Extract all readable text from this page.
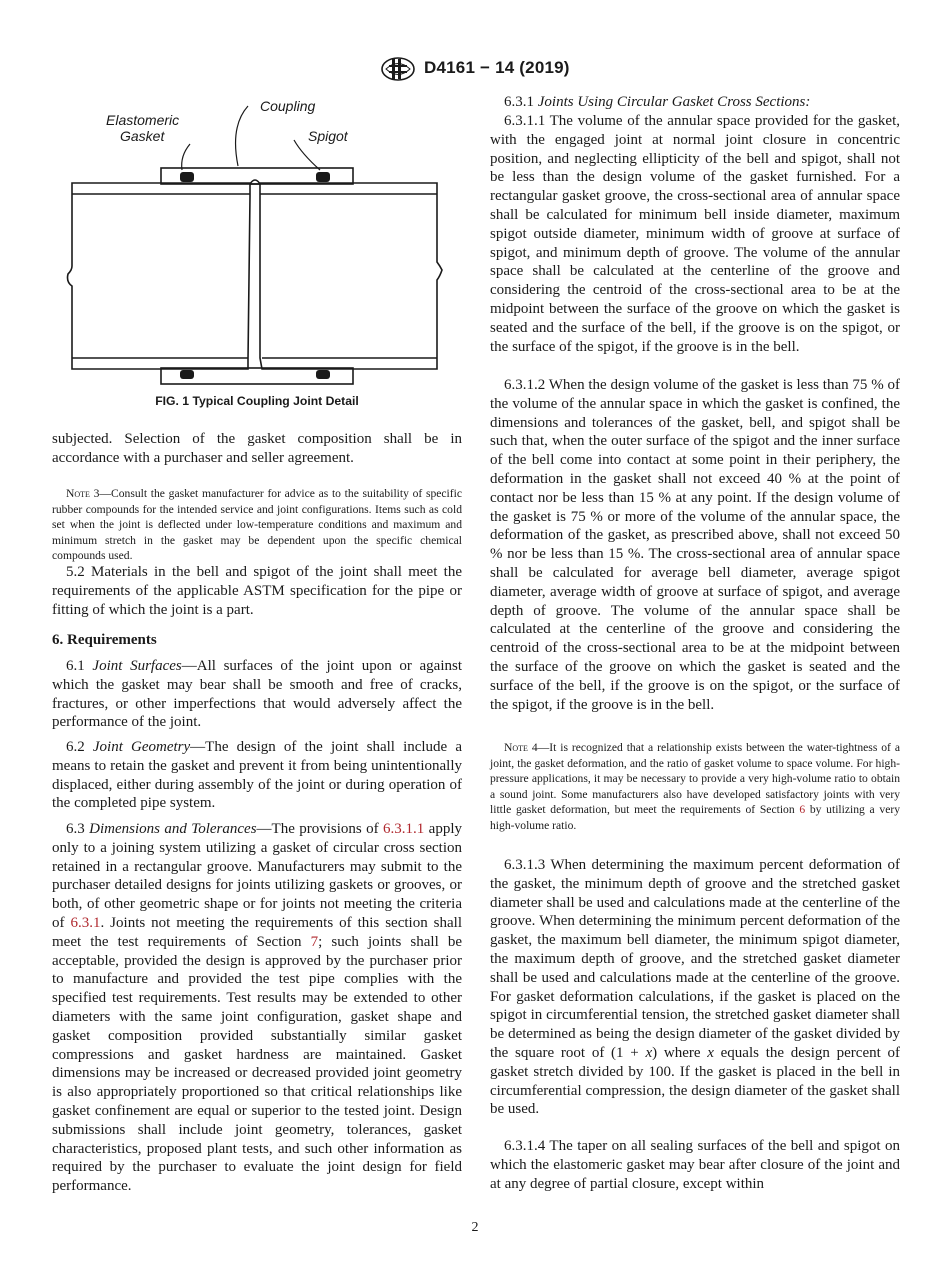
D4161 − 14 (2019)
Elastomeric
Gasket
Coupling
Spigot
FIG. 1 Typical Coupling Joint Detail

subjected. Selection of the gasket composition shall be in accordance with a purchaser and seller agreement.

Note 3—Consult the gasket manufacturer for advice as to the suitability of specific rubber compounds for the intended service and joint configurations. Items such as cold set when the joint is deflected under low-temperature conditions and maximum and minimum stretch in the gasket may be dependent upon the specific chemical compounds used.

5.2 Materials in the bell and spigot of the joint shall meet the requirements of the applicable ASTM specification for the pipe or fitting of which the joint is a part.

6. Requirements

6.1 Joint Surfaces—All surfaces of the joint upon or against which the gasket may bear shall be smooth and free of cracks, fractures, or other imperfections that would adversely affect the performance of the joint.

6.2 Joint Geometry—The design of the joint shall include a means to retain the gasket and prevent it from being unintentionally displaced, either during assembly of the joint or during operation of the completed pipe system.

6.3 Dimensions and Tolerances—The provisions of 6.3.1.1 apply only to a joining system utilizing a gasket of circular cross section retained in a rectangular groove. Manufacturers may submit to the purchaser detailed designs for joints utilizing gaskets or grooves, or both, of other geometric shape or for joints not meeting the criteria of 6.3.1. Joints not meeting the requirements of this section shall meet the test requirements of Section 7; such joints shall be acceptable, provided the design is approved by the purchaser prior to manufacture and provided the test pipe complies with the specified test requirements. Test results may be extended to other diameters with the same joint configuration, gasket shape and gasket composition provided substantially similar gasket compressions and gasket hardness are maintained. Gasket dimensions may be increased or decreased provided joint geometry is also appropriately proportioned so that critical relationships like gasket confinement are equal or superior to the tested joint. Design submissions shall include joint geometry, tolerances, gasket characteristics, proposed plant tests, and such other information as required by the purchaser to evaluate the joint design for field performance.

6.3.1 Joints Using Circular Gasket Cross Sections:

6.3.1.1 The volume of the annular space provided for the gasket, with the engaged joint at normal joint closure in concentric position, and neglecting ellipticity of the bell and spigot, shall not be less than the design volume of the gasket furnished. For a rectangular gasket groove, the cross-sectional area of annular space shall be calculated for minimum bell inside diameter, maximum spigot outside diameter, minimum width of groove at surface of spigot, and minimum depth of groove. The volume of the annular space shall be calculated at the centerline of the groove and considering the centroid of the cross-sectional area to be at the midpoint between the surface of the groove on which the gasket is seated and the surface of the bell, if the groove is on the spigot, or the surface of the spigot, if the groove is in the bell.

6.3.1.2 When the design volume of the gasket is less than 75 % of the volume of the annular space in which the gasket is confined, the dimensions and tolerances of the gasket, bell, and spigot shall be such that, when the outer surface of the spigot and the inner surface of the bell come into contact at some point in their periphery, the deformation in the gasket shall not exceed 40 % at the point of contact nor be less than 15 % at any point. If the design volume of the gasket is 75 % or more of the volume of the annular space, the deformation of the gasket, as prescribed above, shall not exceed 50 % nor be less than 15 %. The cross-sectional area of annular space shall be calculated for average bell diameter, average spigot diameter, average width of groove at surface of spigot, and average depth of groove. The volume of the annular space shall be calculated at the centerline of the groove and considering the centroid of the cross-sectional area to be at the midpoint between the surface of the groove on which the gasket is seated and the surface of the bell, if the groove is on the spigot, or the surface of the spigot, if the groove is in the bell.

Note 4—It is recognized that a relationship exists between the water-tightness of a joint, the gasket deformation, and the ratio of gasket volume to space volume. For high-pressure applications, it may be necessary to provide a very high-volume ratio to obtain a sound joint. Some manufacturers also have developed satisfactory joints with very little gasket deformation, but meet the requirements of Section 6 by utilizing a very high-volume ratio.

6.3.1.3 When determining the maximum percent deformation of the gasket, the minimum depth of groove and the stretched gasket diameter shall be used and calculations made at the centerline of the groove. When determining the minimum percent deformation of the gasket, the maximum bell diameter, the minimum spigot diameter, the maximum depth of groove, and the stretched gasket diameter shall be used and calculations made at the centerline of the groove. For gasket deformation calculations, if the gasket is placed on the spigot in circumferential tension, the stretched gasket diameter shall be determined as being the design diameter of the gasket divided by the square root of (1 + x) where x equals the design percent of gasket stretch divided by 100. If the gasket is placed in the bell in circumferential compression, the design diameter of the gasket shall be used.

6.3.1.4 The taper on all sealing surfaces of the bell and spigot on which the elastomeric gasket may bear after closure of the joint and at any degree of partial closure, except within

2
